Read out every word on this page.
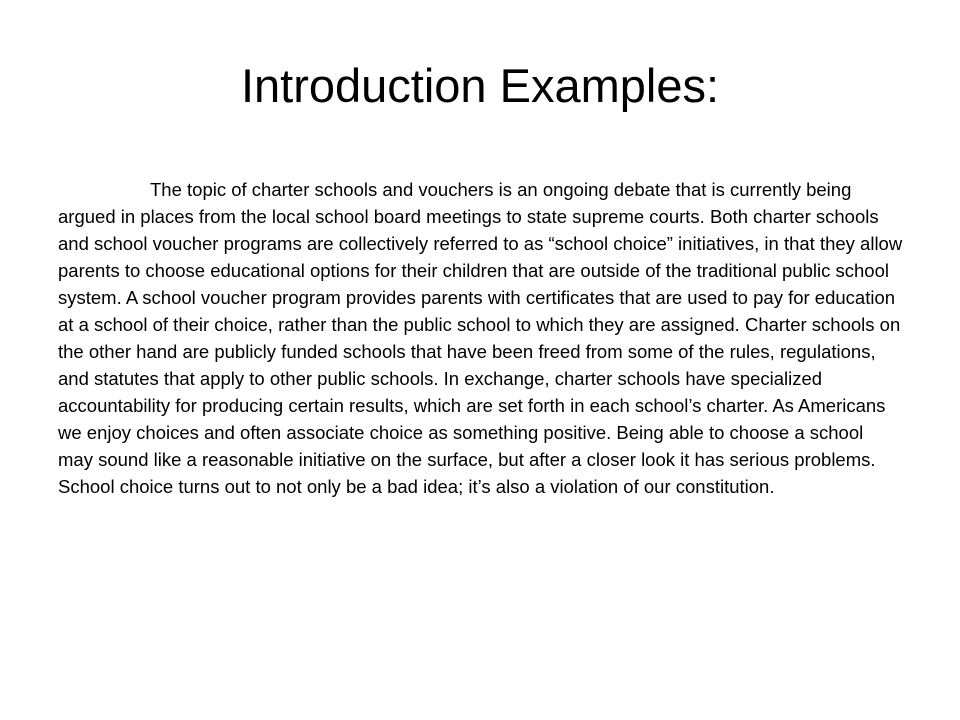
Introduction Examples:

The topic of charter schools and vouchers is an ongoing debate that is currently being argued in places from the local school board meetings to state supreme courts. Both charter schools and school voucher programs are collectively referred to as “school choice” initiatives, in that they allow parents to choose educational options for their children that are outside of the traditional public school system. A school voucher program provides parents with certificates that are used to pay for education at a school of their choice, rather than the public school to which they are assigned. Charter schools on the other hand are publicly funded schools that have been freed from some of the rules, regulations, and statutes that apply to other public schools. In exchange, charter schools have specialized accountability for producing certain results, which are set forth in each school’s charter. As Americans we enjoy choices and often associate choice as something positive. Being able to choose a school may sound like a reasonable initiative on the surface, but after a closer look it has serious problems. School choice turns out to not only be a bad idea; it’s also a violation of our constitution.
